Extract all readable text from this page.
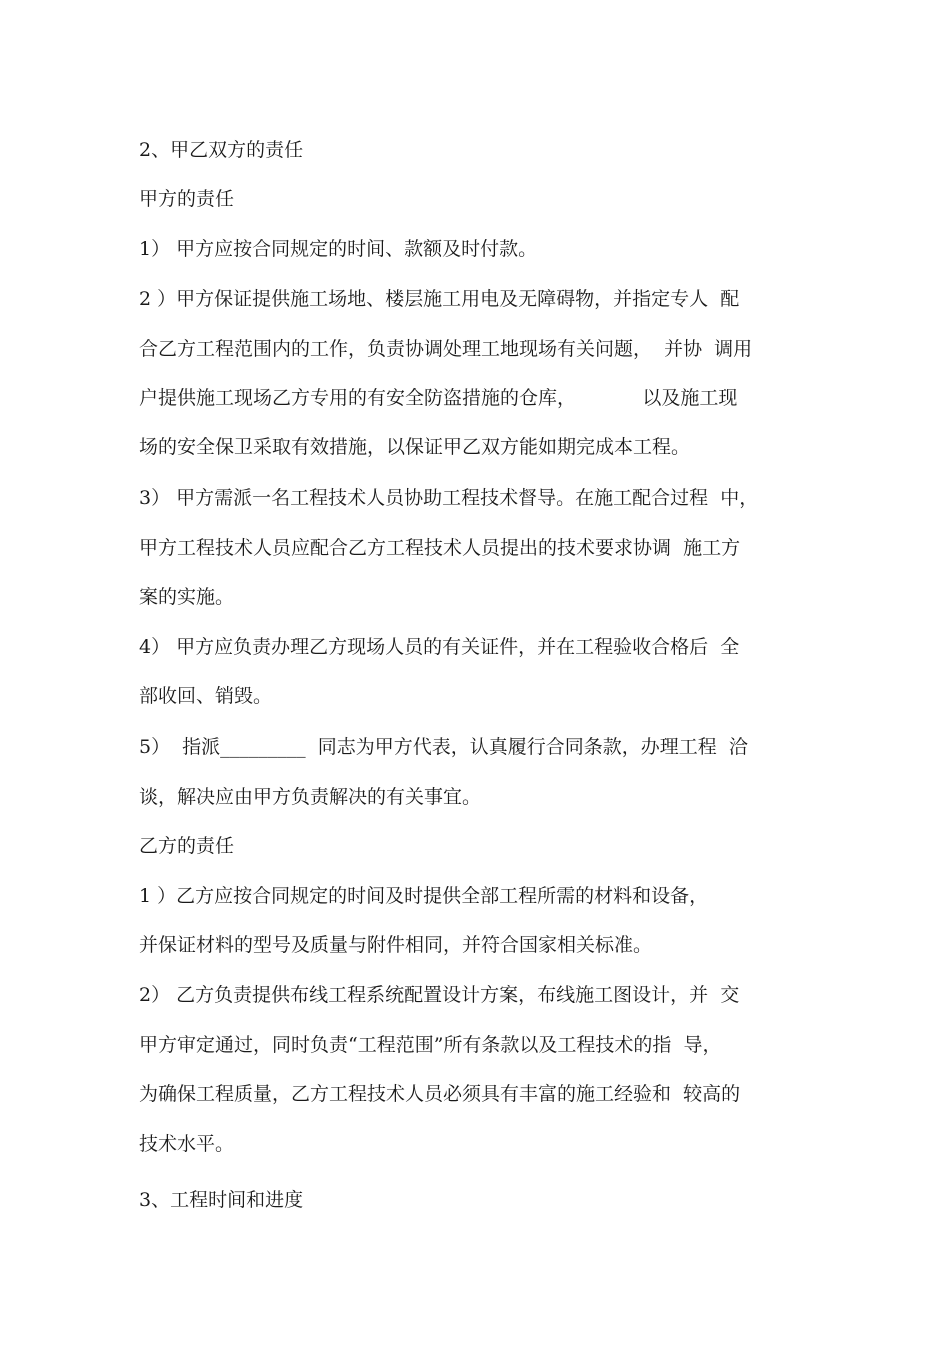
2、甲乙双方的责任

甲方的责任

1） 甲方应按合同规定的时间、款额及时付款。

2 ）甲方保证提供施工场地、楼层施工用电及无障碍物，并指定专人  配

合乙方工程范围内的工作，负责协调处理工地现场有关问题，  并协  调用

户提供施工现场乙方专用的有安全防盗措施的仓库，           以及施工现

场的安全保卫采取有效措施，以保证甲乙双方能如期完成本工程。

3） 甲方需派一名工程技术人员协助工程技术督导。在施工配合过程  中，

甲方工程技术人员应配合乙方工程技术人员提出的技术要求协调  施工方

案的实施。

4） 甲方应负责办理乙方现场人员的有关证件，并在工程验收合格后  全

部收回、销毁。

5）  指派_________  同志为甲方代表，认真履行合同条款，办理工程  洽

谈，解决应由甲方负责解决的有关事宜。

乙方的责任

1 ）乙方应按合同规定的时间及时提供全部工程所需的材料和设备，

并保证材料的型号及质量与附件相同，并符合国家相关标准。

2） 乙方负责提供布线工程系统配置设计方案，布线施工图设计，并  交

甲方审定通过，同时负责“工程范围”所有条款以及工程技术的指  导，

为确保工程质量，乙方工程技术人员必须具有丰富的施工经验和  较高的

技术水平。

3、工程时间和进度
